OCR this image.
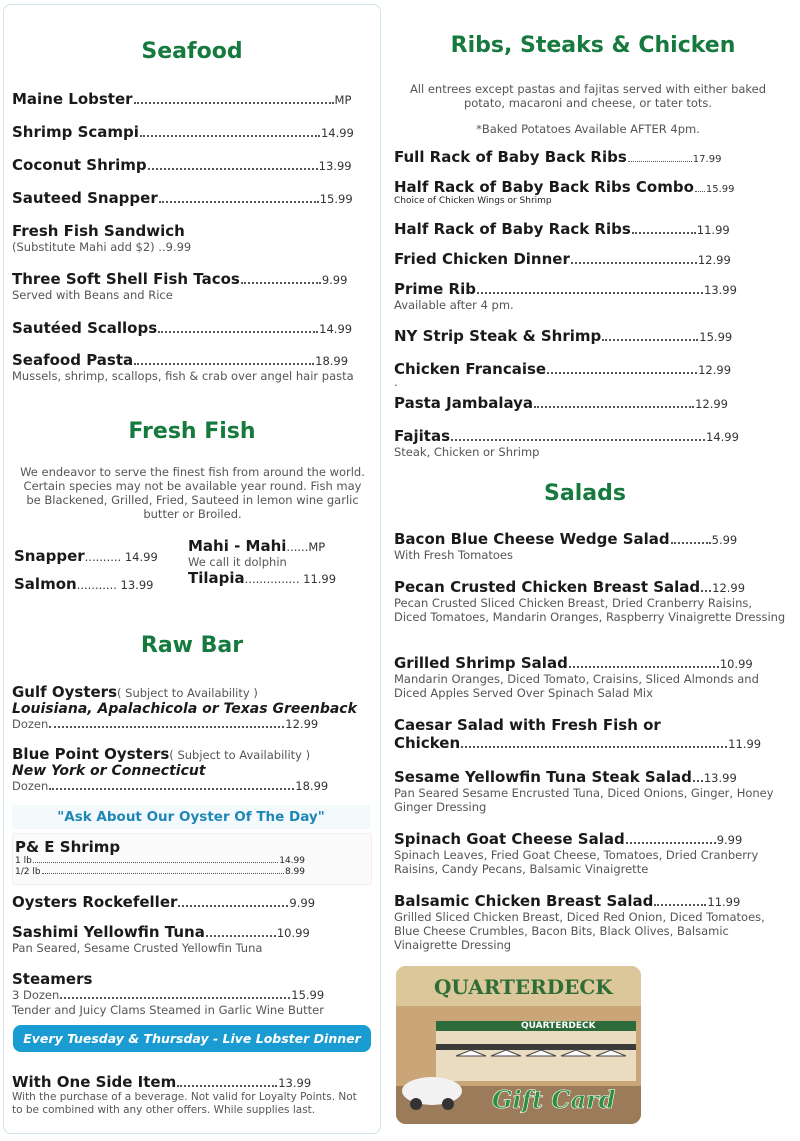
Seafood
Maine Lobster	MP
Shrimp Scampi	14.99
Coconut Shrimp	13.99
Sauteed Snapper	15.99
Fresh Fish Sandwich
(Substitute Mahi add $2) ..9.99
Three Soft Shell Fish Tacos	9.99
Served with Beans and Rice
Sautéed Scallops	14.99
Seafood Pasta	18.99
Mussels, shrimp, scallops, fish & crab over angel hair pasta
Fresh Fish
We endeavor to serve the finest fish from around the world. Certain species may not be available year round. Fish may be Blackened, Grilled, Fried, Sauteed in lemon wine garlic butter or Broiled.
Snapper .......... 14.99
Salmon ........... 13.99
Mahi - Mahi ......MP
We call it dolphin
Tilapia ............... 11.99
Raw Bar
Gulf Oysters ( Subject to Availability )
Louisiana, Apalachicola or Texas Greenback
Dozen	12.99
Blue Point Oysters ( Subject to Availability )
New York or Connecticut
Dozen	18.99
"Ask About Our Oyster Of The Day"
P& E Shrimp
1 lb	14.99
1/2 lb	8.99
Oysters Rockefeller	9.99
Sashimi Yellowfin Tuna	10.99
Pan Seared, Sesame Crusted Yellowfin Tuna
Steamers
3 Dozen	15.99
Tender and Juicy Clams Steamed in Garlic Wine Butter
Every Tuesday & Thursday - Live Lobster Dinner
With One Side Item	13.99
With the purchase of a beverage. Not valid for Loyalty Points. Not to be combined with any other offers. While supplies last.
Ribs, Steaks & Chicken
All entrees except pastas and fajitas served with either baked potato, macaroni and cheese, or tater tots.
*Baked Potatoes Available AFTER 4pm.
Full Rack of Baby Back Ribs	17.99
Half Rack of Baby Back Ribs Combo 15.99
Choice of Chicken Wings or Shrimp
Half Rack of Baby Rack Ribs	11.99
Fried Chicken Dinner	12.99
Prime Rib	13.99
Available after 4 pm.
NY Strip Steak & Shrimp	15.99
Chicken Francaise	12.99
.
Pasta Jambalaya	12.99
Fajitas	14.99
Steak, Chicken or Shrimp
Salads
Bacon Blue Cheese Wedge Salad	5.99
With Fresh Tomatoes
Pecan Crusted Chicken Breast Salad 12.99
Pecan Crusted Sliced Chicken Breast, Dried Cranberry Raisins, Diced Tomatoes, Mandarin Oranges, Raspberry Vinaigrette Dressing
Grilled Shrimp Salad	10.99
Mandarin Oranges, Diced Tomato, Craisins, Sliced Almonds and Diced Apples Served Over Spinach Salad Mix
Caesar Salad with Fresh Fish or
Chicken	11.99
Sesame Yellowfin Tuna Steak Salad 13.99
Pan Seared Sesame Encrusted Tuna, Diced Onions, Ginger, Honey Ginger Dressing
Spinach Goat Cheese Salad	9.99
Spinach Leaves, Fried Goat Cheese, Tomatoes, Dried Cranberry Raisins, Candy Pecans, Balsamic Vinaigrette
Balsamic Chicken Breast Salad	11.99
Grilled Sliced Chicken Breast, Diced Red Onion, Diced Tomatoes, Blue Cheese Crumbles, Bacon Bits, Black Olives, Balsamic Vinaigrette Dressing
QUARTERDECK
QUARTERDECK
Gift Card
